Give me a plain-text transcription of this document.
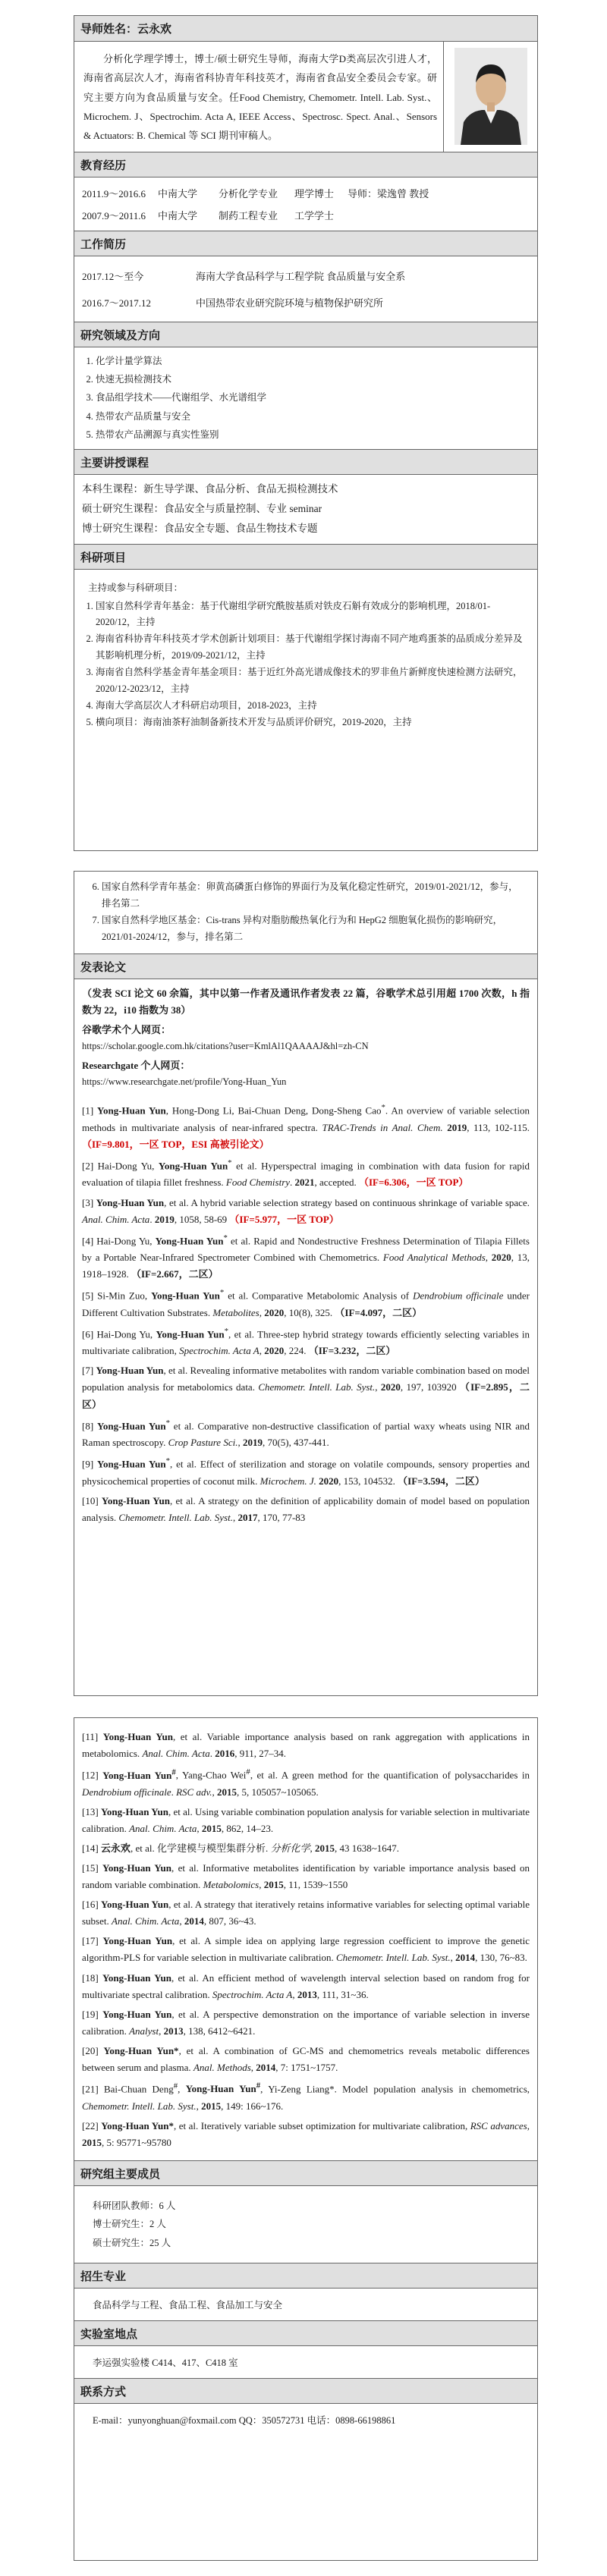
导师姓名：云永欢
分析化学理学博士，博士/硕士研究生导师，海南大学D类高层次引进人才，海南省高层次人才，海南省科协青年科技英才，海南省食品安全委员会专家。研究主要方向为食品质量与安全。任Food Chemistry, Chemometr. Intell. Lab. Syst.、Microchem. J、Spectrochim. Acta A, IEEE Access、Spectrosc. Spect. Anal.、Sensors & Actuators: B. Chemical 等 SCI 期刊审稿人。
教育经历
2011.9～2016.6	中南大学	分析化学专业	理学博士	导师：梁逸曾 教授
2007.9～2011.6	中南大学	制药工程专业	工学学士
工作简历
2017.12～至今	海南大学食品科学与工程学院 食品质量与安全系
2016.7～2017.12	中国热带农业研究院环境与植物保护研究所
研究领域及方向
1. 化学计量学算法
2. 快速无损检测技术
3. 食品组学技术——代谢组学、水光谱组学
4. 热带农产品质量与安全
5. 热带农产品溯源与真实性鉴别
主要讲授课程
本科生课程：新生导学课、食品分析、食品无损检测技术
硕士研究生课程：食品安全与质量控制、专业 seminar
博士研究生课程：食品安全专题、食品生物技术专题
科研项目
主持或参与科研项目：
1. 国家自然科学青年基金：基于代谢组学研究酰胺基质对铁皮石斛有效成分的影响机理，2018/01-2020/12，主持
2. 海南省科协青年科技英才学术创新计划项目：基于代谢组学探讨海南不同产地鸡蛋茶的品质成分差异及其影响机理分析，2019/09-2021/12，主持
3. 海南省自然科学基金青年基金项目：基于近红外高光谱成像技术的罗非鱼片新鲜度快速检测方法研究，2020/12-2023/12，主持
4. 海南大学高层次人才科研启动项目，2018-2023，主持
5. 横向项目：海南油茶籽油制备新技术开发与品质评价研究，2019-2020，主持
6. 国家自然科学青年基金：卵黄高磷蛋白修饰的界面行为及氧化稳定性研究，2019/01-2021/12，参与，排名第二
7. 国家自然科学地区基金：Cis-trans 异构对脂肪酸热氧化行为和 HepG2 细胞氧化损伤的影响研究，2021/01-2024/12，参与，排名第二
发表论文

（发表 SCI 论文 60 余篇，其中以第一作者及通讯作者发表 22 篇，谷歌学术总引用超 1700 次数，h 指数为 22，i10 指数为 38）

谷歌学术个人网页：

https://scholar.google.com.hk/citations?user=KmlAl1QAAAAJ&hl=zh-CN

Researchgate 个人网页：

https://www.researchgate.net/profile/Yong-Huan_Yun

[1] Yong-Huan Yun, Hong-Dong Li, Bai-Chuan Deng, Dong-Sheng Cao*. An overview of variable selection methods in multivariate analysis of near-infrared spectra. TRAC-Trends in Anal. Chem. 2019, 113, 102-115. （IF=9.801，一区 TOP，ESI 高被引论文）

[2] Hai-Dong Yu, Yong-Huan Yun* et al. Hyperspectral imaging in combination with data fusion for rapid evaluation of tilapia fillet freshness. Food Chemistry. 2021, accepted. （IF=6.306，一区 TOP）

[3] Yong-Huan Yun, et al. A hybrid variable selection strategy based on continuous shrinkage of variable space. Anal. Chim. Acta. 2019, 1058, 58-69 （IF=5.977，一区 TOP）

[4] Hai-Dong Yu, Yong-Huan Yun* et al. Rapid and Nondestructive Freshness Determination of Tilapia Fillets by a Portable Near-Infrared Spectrometer Combined with Chemometrics. Food Analytical Methods, 2020, 13, 1918–1928. （IF=2.667，二区）

[5] Si-Min Zuo, Yong-Huan Yun* et al. Comparative Metabolomic Analysis of Dendrobium officinale under Different Cultivation Substrates. Metabolites, 2020, 10(8), 325. （IF=4.097，二区）

[6] Hai-Dong Yu, Yong-Huan Yun*, et al. Three-step hybrid strategy towards efficiently selecting variables in multivariate calibration, Spectrochim. Acta A, 2020, 224. （IF=3.232，二区）

[7] Yong-Huan Yun, et al. Revealing informative metabolites with random variable combination based on model population analysis for metabolomics data. Chemometr. Intell. Lab. Syst., 2020, 197, 103920 （IF=2.895，二区）

[8] Yong-Huan Yun* et al. Comparative non-destructive classification of partial waxy wheats using NIR and Raman spectroscopy. Crop Pasture Sci., 2019, 70(5), 437-441.

[9] Yong-Huan Yun*, et al. Effect of sterilization and storage on volatile compounds, sensory properties and physicochemical properties of coconut milk. Microchem. J. 2020, 153, 104532. （IF=3.594，二区）

[10] Yong-Huan Yun, et al. A strategy on the definition of applicability domain of model based on population analysis. Chemometr. Intell. Lab. Syst., 2017, 170, 77-83

[11] Yong-Huan Yun, et al. Variable importance analysis based on rank aggregation with applications in metabolomics. Anal. Chim. Acta. 2016, 911, 27–34.

[12] Yong-Huan Yun#, Yang-Chao Wei#, et al. A green method for the quantification of polysaccharides in Dendrobium officinale. RSC adv., 2015, 5, 105057~105065.

[13] Yong-Huan Yun, et al. Using variable combination population analysis for variable selection in multivariate calibration. Anal. Chim. Acta, 2015, 862, 14–23.

[14] 云永欢, et al. 化学建模与模型集群分析. 分析化学, 2015, 43 1638~1647.

[15] Yong-Huan Yun, et al. Informative metabolites identification by variable importance analysis based on random variable combination. Metabolomics, 2015, 11, 1539~1550

[16] Yong-Huan Yun, et al. A strategy that iteratively retains informative variables for selecting optimal variable subset. Anal. Chim. Acta, 2014, 807, 36~43.

[17] Yong-Huan Yun, et al. A simple idea on applying large regression coefficient to improve the genetic algorithm-PLS for variable selection in multivariate calibration. Chemometr. Intell. Lab. Syst., 2014, 130, 76~83.

[18] Yong-Huan Yun, et al. An efficient method of wavelength interval selection based on random frog for multivariate spectral calibration. Spectrochim. Acta A, 2013, 111, 31~36.

[19] Yong-Huan Yun, et al. A perspective demonstration on the importance of variable selection in inverse calibration. Analyst, 2013, 138, 6412~6421.

[20] Yong-Huan Yun*, et al. A combination of GC-MS and chemometrics reveals metabolic differences between serum and plasma. Anal. Methods, 2014, 7: 1751~1757.

[21] Bai-Chuan Deng#, Yong-Huan Yun#, Yi-Zeng Liang*. Model population analysis in chemometrics, Chemometr. Intell. Lab. Syst., 2015, 149: 166~176.

[22] Yong-Huan Yun*, et al. Iteratively variable subset optimization for multivariate calibration, RSC advances, 2015, 5: 95771~95780

研究组主要成员
科研团队教师：6 人
博士研究生：2 人
硕士研究生：25 人
招生专业
食品科学与工程、食品工程、食品加工与安全
实验室地点
李运强实验楼 C414、417、C418 室
联系方式
E-mail：yunyonghuan@foxmail.com QQ：350572731 电话：0898-66198861
